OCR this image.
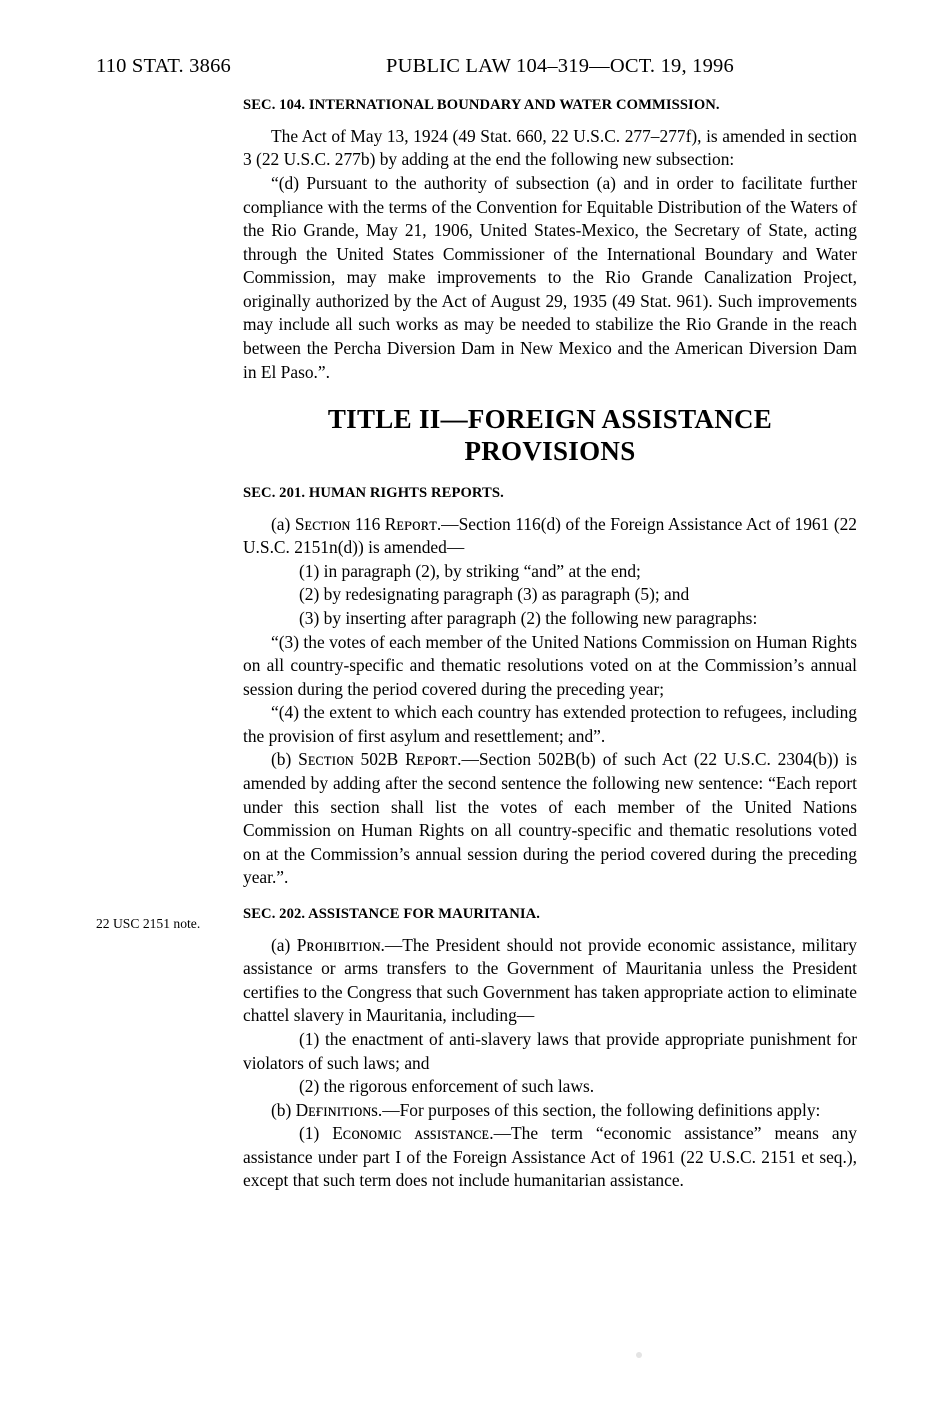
110 STAT. 3866	PUBLIC LAW 104–319—OCT. 19, 1996
22 USC 2151 note.

SEC. 104. INTERNATIONAL BOUNDARY AND WATER COMMISSION.

The Act of May 13, 1924 (49 Stat. 660, 22 U.S.C. 277–277f), is amended in section 3 (22 U.S.C. 277b) by adding at the end the following new subsection:

“(d) Pursuant to the authority of subsection (a) and in order to facilitate further compliance with the terms of the Convention for Equitable Distribution of the Waters of the Rio Grande, May 21, 1906, United States-Mexico, the Secretary of State, acting through the United States Commissioner of the International Boundary and Water Commission, may make improvements to the Rio Grande Canalization Project, originally authorized by the Act of August 29, 1935 (49 Stat. 961). Such improvements may include all such works as may be needed to stabilize the Rio Grande in the reach between the Percha Diversion Dam in New Mexico and the American Diversion Dam in El Paso.”.

TITLE II—FOREIGN ASSISTANCE
PROVISIONS

SEC. 201. HUMAN RIGHTS REPORTS.

(a) Sᴇᴄᴛɪᴏɴ 116 Rᴇᴘᴏʀᴛ.—Section 116(d) of the Foreign Assistance Act of 1961 (22 U.S.C. 2151n(d)) is amended—

(1) in paragraph (2), by striking “and” at the end;

(2) by redesignating paragraph (3) as paragraph (5); and

(3) by inserting after paragraph (2) the following new paragraphs:

“(3) the votes of each member of the United Nations Commission on Human Rights on all country-specific and thematic resolutions voted on at the Commission’s annual session during the period covered during the preceding year;

“(4) the extent to which each country has extended protection to refugees, including the provision of first asylum and resettlement; and”.

(b) Sᴇᴄᴛɪᴏɴ 502B Rᴇᴘᴏʀᴛ.—Section 502B(b) of such Act (22 U.S.C. 2304(b)) is amended by adding after the second sentence the following new sentence: “Each report under this section shall list the votes of each member of the United Nations Commission on Human Rights on all country-specific and thematic resolutions voted on at the Commission’s annual session during the period covered during the preceding year.”.

SEC. 202. ASSISTANCE FOR MAURITANIA.

(a) Pʀᴏʜɪʙɪᴛɪᴏɴ.—The President should not provide economic assistance, military assistance or arms transfers to the Government of Mauritania unless the President certifies to the Congress that such Government has taken appropriate action to eliminate chattel slavery in Mauritania, including—

(1) the enactment of anti-slavery laws that provide appropriate punishment for violators of such laws; and

(2) the rigorous enforcement of such laws.

(b) Dᴇғɪɴɪᴛɪᴏɴs.—For purposes of this section, the following definitions apply:

(1) Eᴄᴏɴᴏᴍɪᴄ ᴀssɪsᴛᴀɴᴄᴇ.—The term “economic assistance” means any assistance under part I of the Foreign Assistance Act of 1961 (22 U.S.C. 2151 et seq.), except that such term does not include humanitarian assistance.
